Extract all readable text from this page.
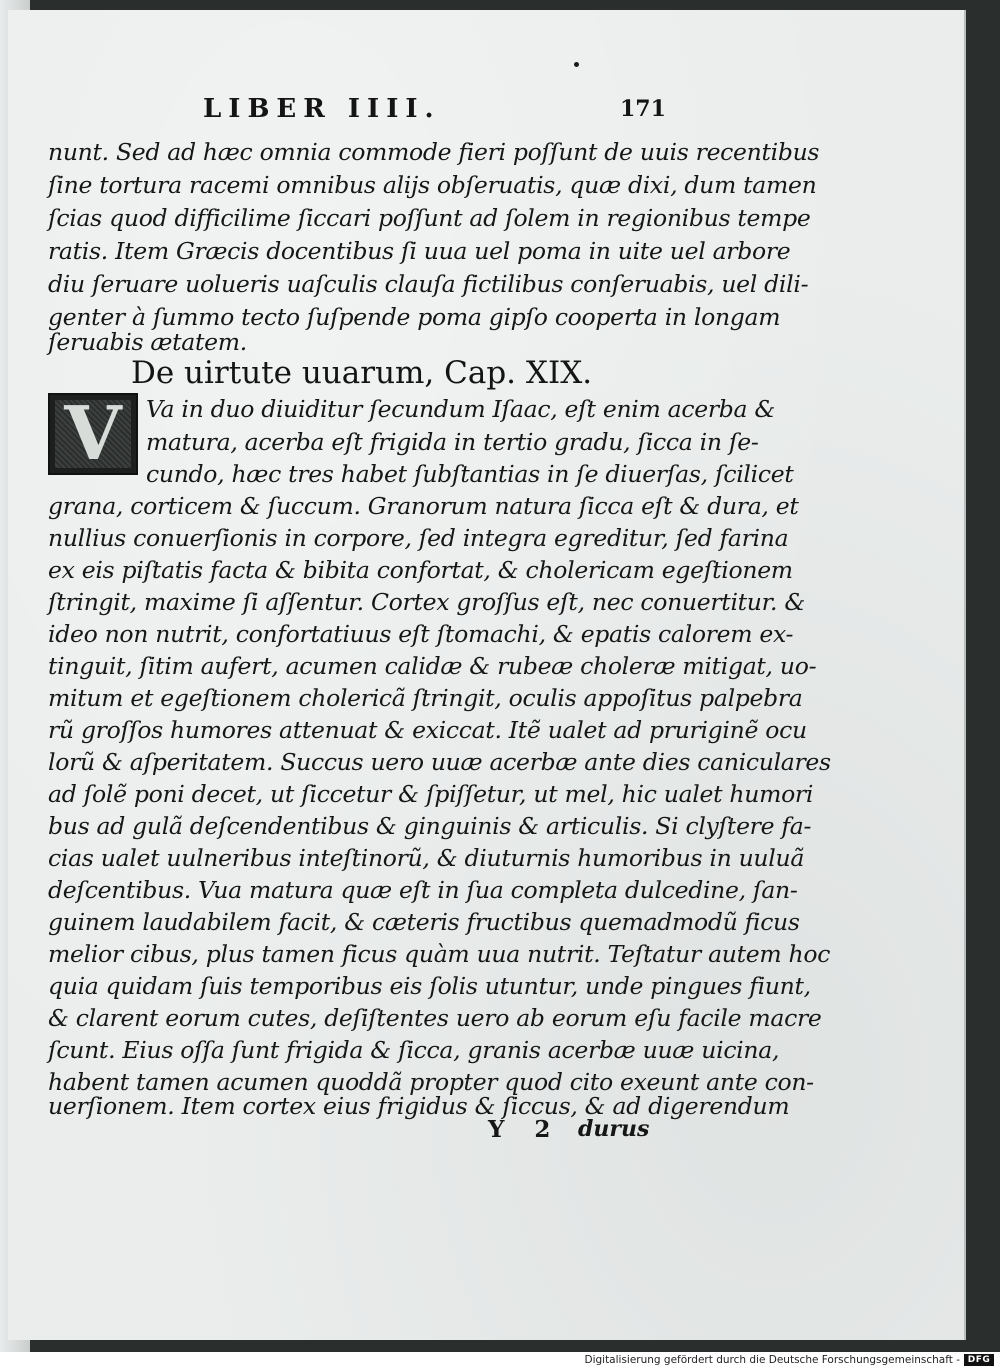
LIBER IIII.	171
nunt. Sed ad hæc omnia commode fieri poſſunt de uuis recentibus
ſine tortura racemi omnibus alijs obſeruatis, quæ dixi, dum tamen
ſcias quod difficilime ſiccari poſſunt ad ſolem in regionibus tempe
ratis. Item Græcis docentibus ſi uua uel poma in uite uel arbore
diu ſeruare uolueris uaſculis clauſa fictilibus conſeruabis, uel dili-
genter à ſummo tecto ſuſpende poma gipſo cooperta in longam
ſeruabis ætatem.
De uirtute uuarum, Cap. XIX.
V Va in duo diuiditur ſecundum Iſaac, eſt enim acerba &
matura, acerba eſt frigida in tertio gradu, ſicca in ſe-
cundo, hæc tres habet ſubſtantias in ſe diuerſas, ſcilicet
grana, corticem & ſuccum. Granorum natura ſicca eſt & dura, et
nullius conuerſionis in corpore, ſed integra egreditur, ſed farina
ex eis piſtatis facta & bibita confortat, & cholericam egeſtionem
ſtringit, maxime ſi aſſentur. Cortex groſſus eſt, nec conuertitur. &
ideo non nutrit, confortatiuus eſt ſtomachi, & epatis calorem ex-
tinguit, ſitim aufert, acumen calidæ & rubeæ choleræ mitigat, uo-
mitum et egeſtionem cholericã ſtringit, oculis appoſitus palpebra
rũ groſſos humores attenuat & exiccat. Itẽ ualet ad pruriginẽ ocu
lorũ & aſperitatem. Succus uero uuæ acerbæ ante dies caniculares
ad ſolẽ poni decet, ut ſiccetur & ſpiſſetur, ut mel, hic ualet humori
bus ad gulã deſcendentibus & ginguinis & articulis. Si clyſtere fa-
cias ualet uulneribus inteſtinorũ, & diuturnis humoribus in uuluã
deſcentibus. Vua matura quæ eſt in ſua completa dulcedine, ſan-
guinem laudabilem facit, & cæteris fructibus quemadmodũ ficus
melior cibus, plus tamen ficus quàm uua nutrit. Teſtatur autem hoc
quia quidam ſuis temporibus eis ſolis utuntur, unde pingues fiunt,
& clarent eorum cutes, deſiſtentes uero ab eorum eſu facile macre
ſcunt. Eius oſſa ſunt frigida & ſicca, granis acerbæ uuæ uicina,
habent tamen acumen quoddã propter quod cito exeunt ante con-
uerſionem. Item cortex eius frigidus & ſiccus, & ad digerendum
Y 2 durus
Digitalisierung gefördert durch die Deutsche Forschungsgemeinschaft - DFG
